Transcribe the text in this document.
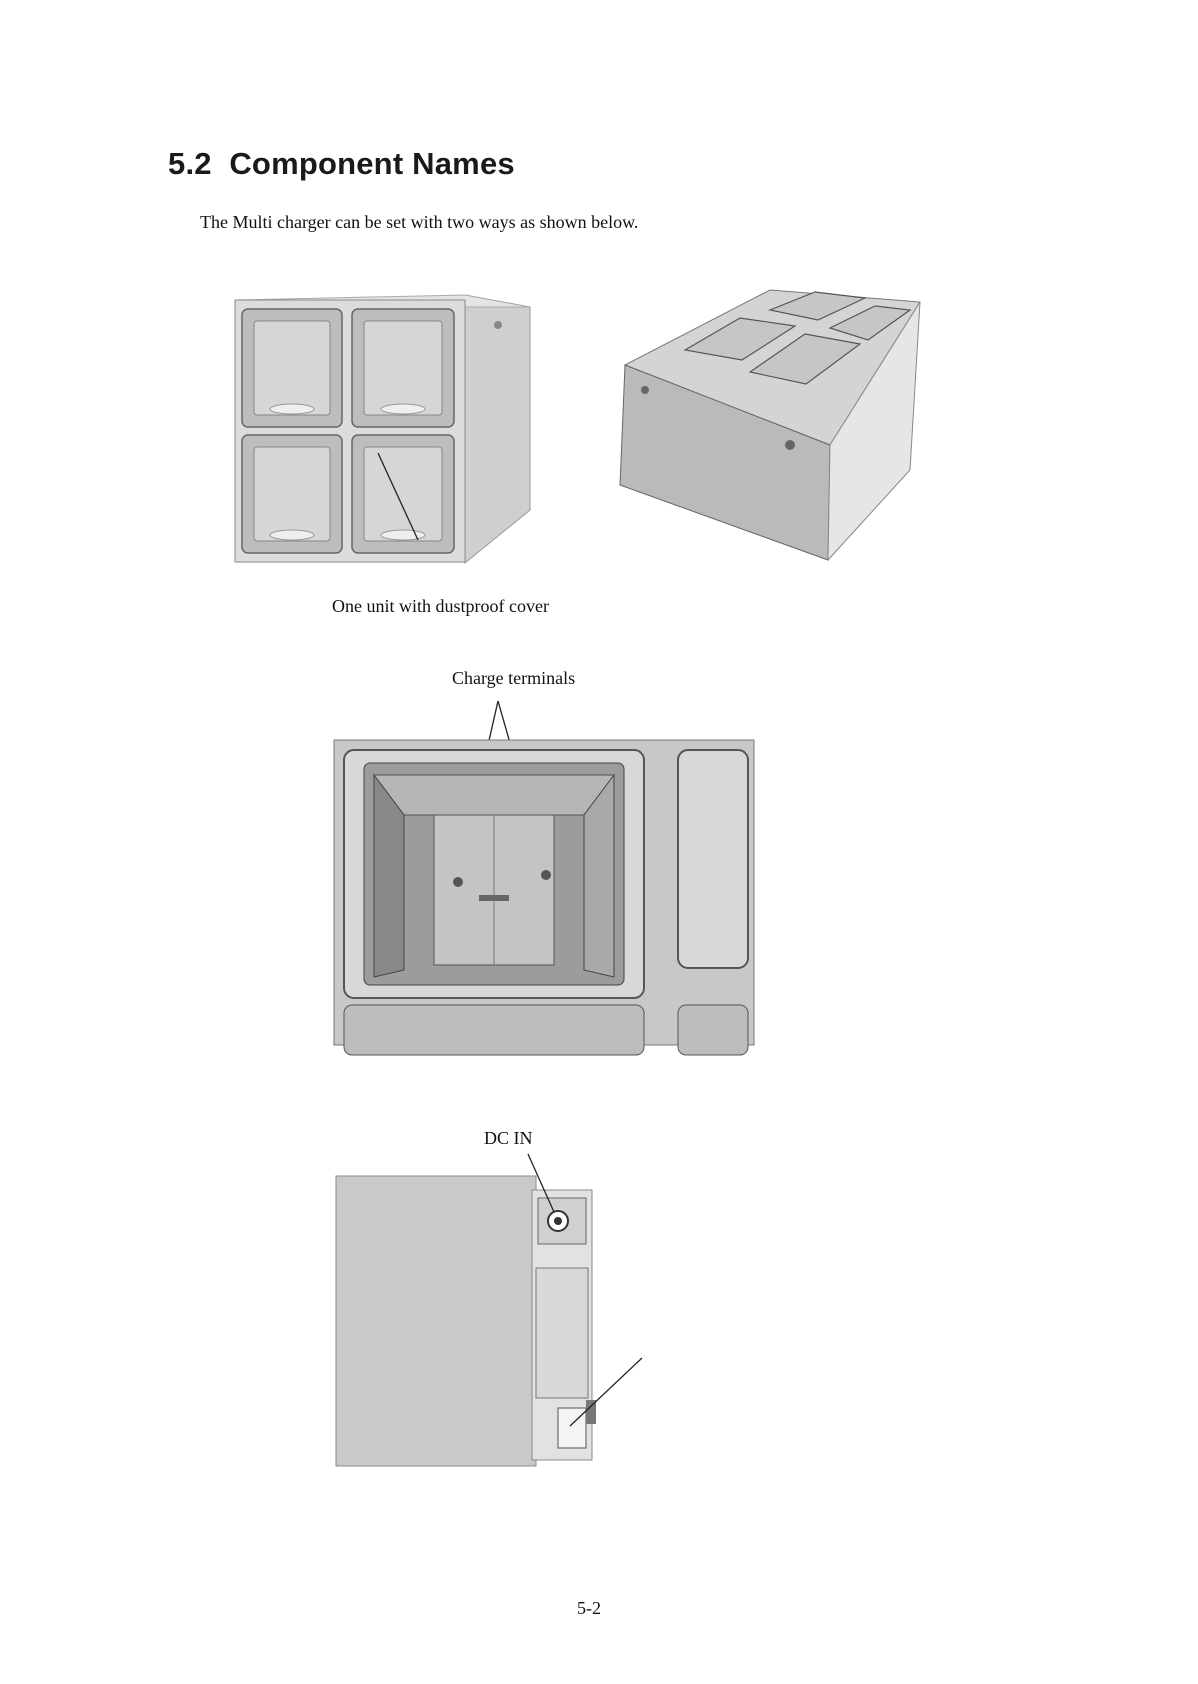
5.2 Component Names
The Multi charger can be set with two ways as shown below.
One unit with dustproof cover
Charge terminals
DC IN
5-2
